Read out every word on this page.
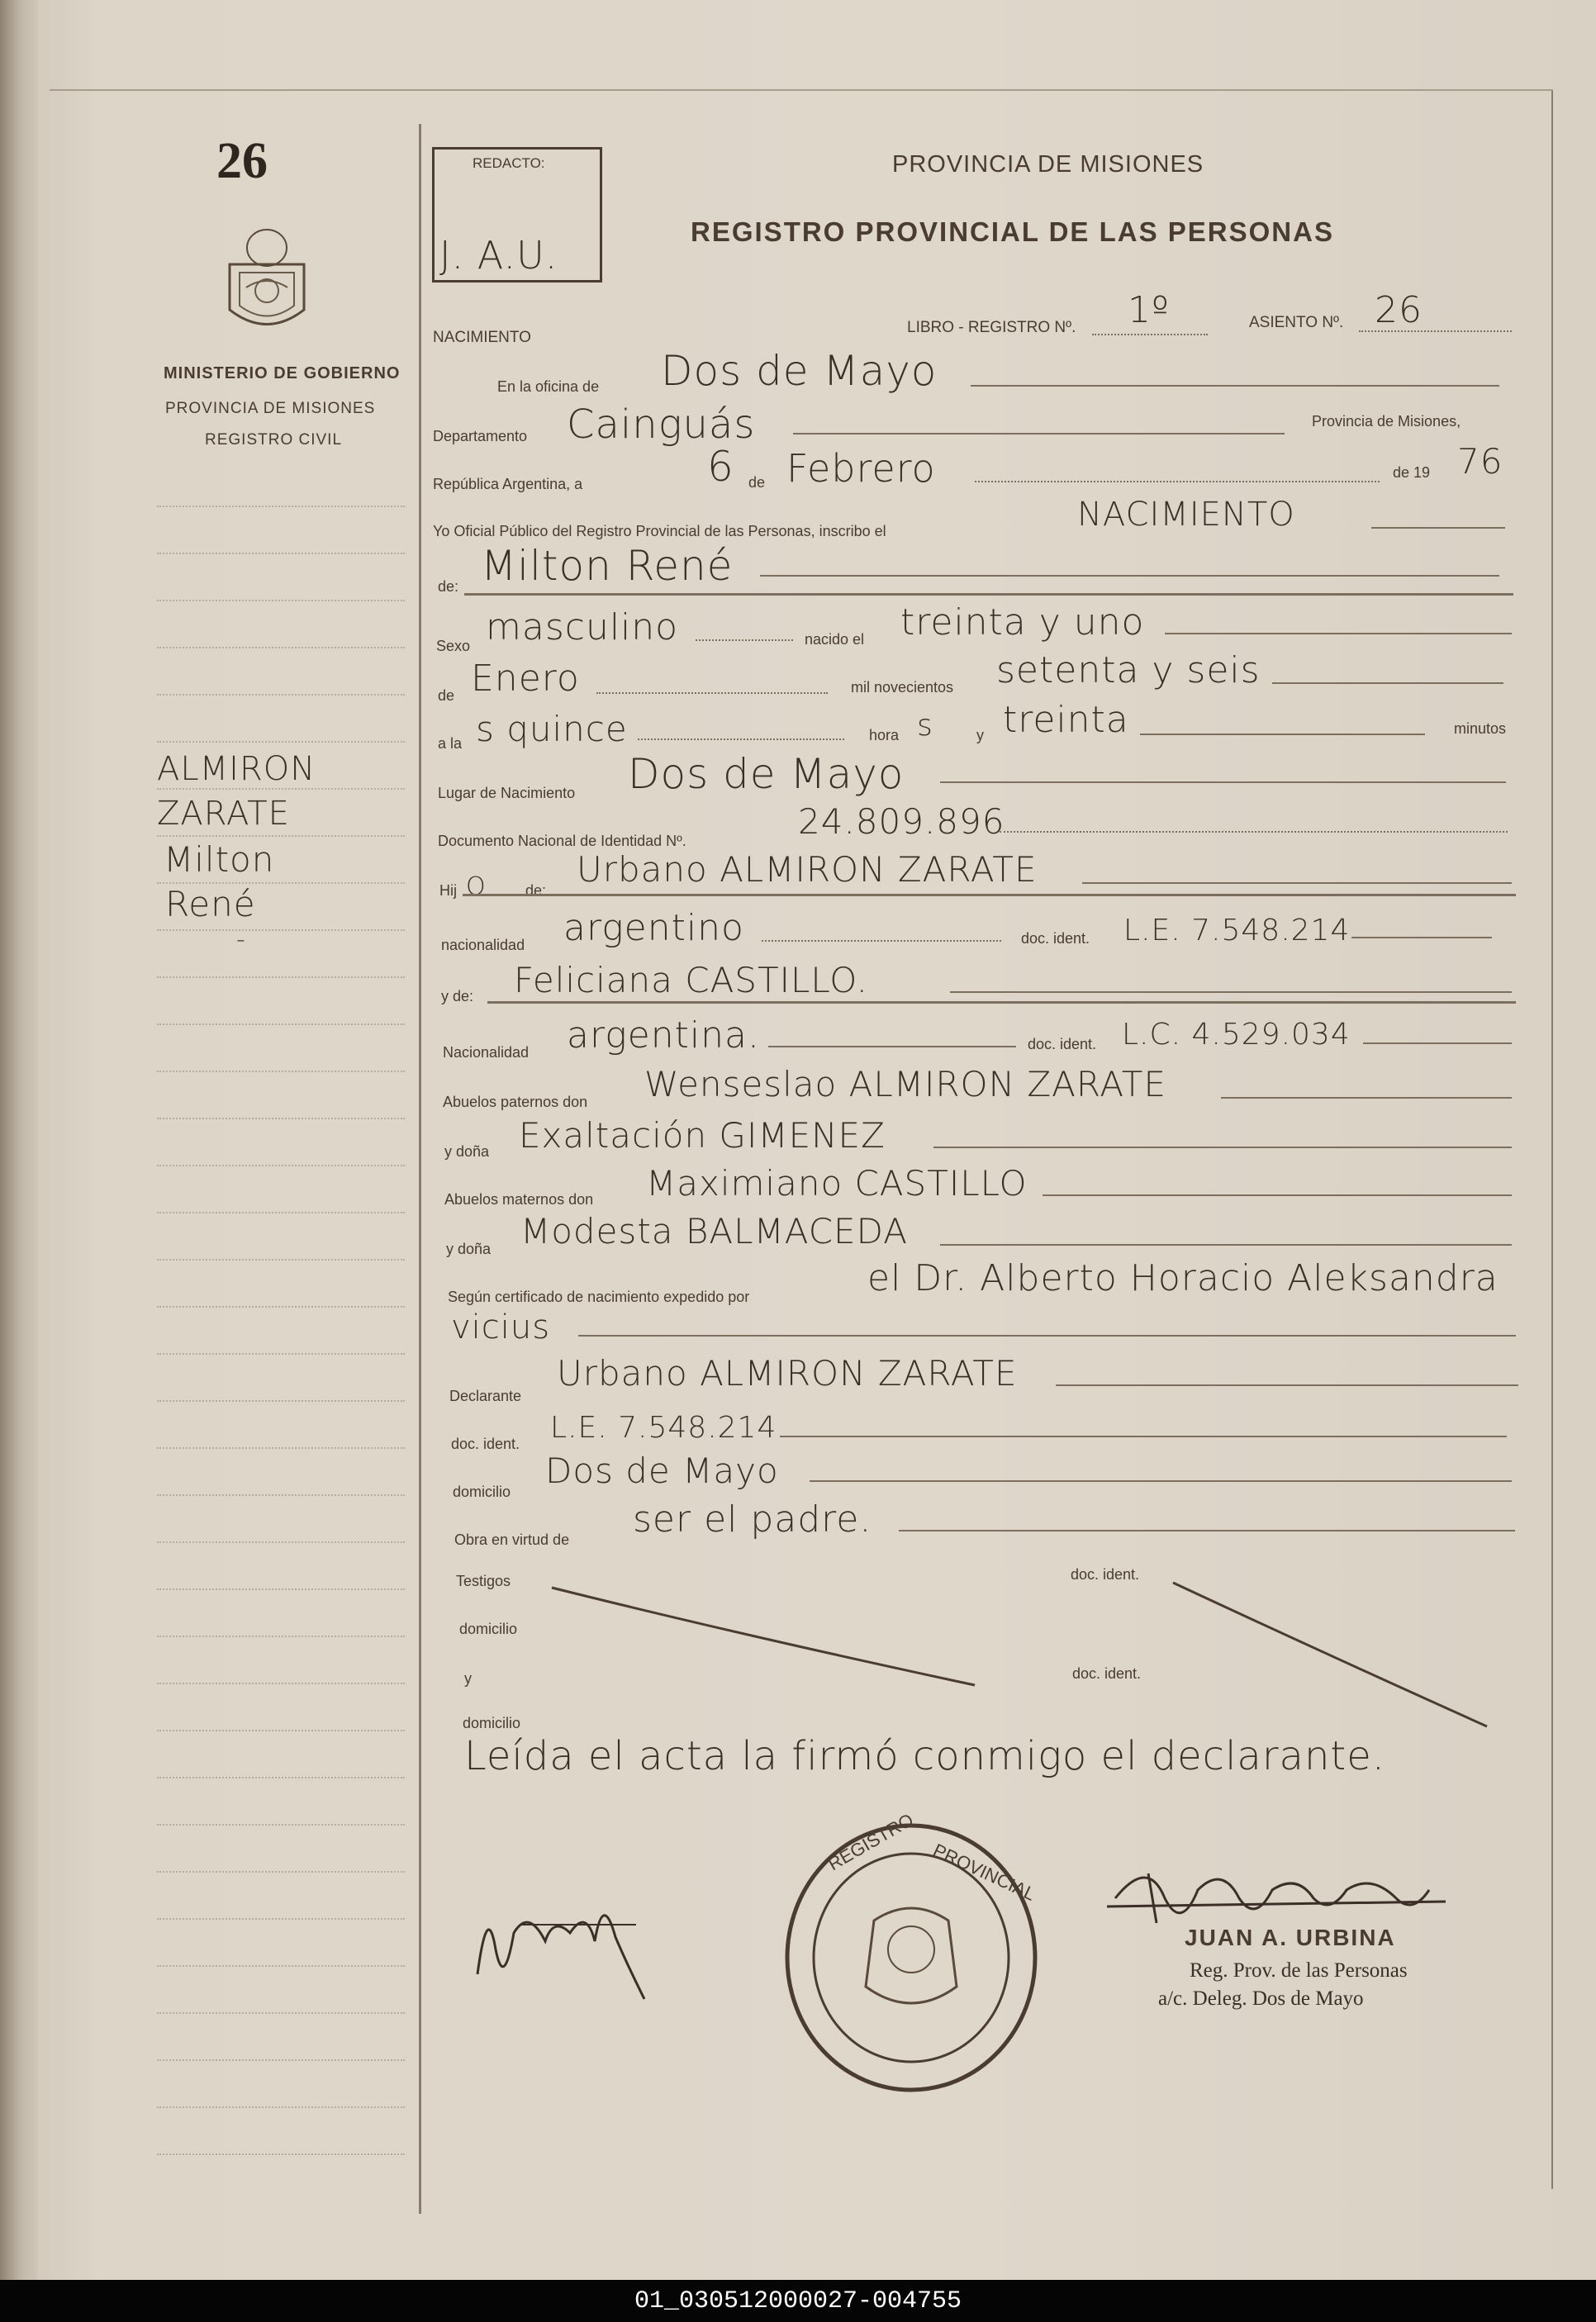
26
MINISTERIO DE GOBIERNO
PROVINCIA DE MISIONES
REGISTRO CIVIL
ALMIRON
ZARATE
Milton
René
-
REDACTO:
J. A.U.
PROVINCIA DE MISIONES
REGISTRO PROVINCIAL DE LAS PERSONAS
NACIMIENTO
LIBRO - REGISTRO Nº. 1º	ASIENTO Nº. 26
En la oficina de Dos de Mayo
Departamento Cainguás	Provincia de Misiones,
República Argentina, a	6 de Febrero	de 19 76
Yo Oficial Público del Registro Provincial de las Personas, inscribo el	NACIMIENTO
de: Milton René
Sexo masculino	nacido el treinta y uno
de Enero	mil novecientos setenta y seis
a la s quince	hora s	y treinta	minutos
Lugar de Nacimiento Dos de Mayo
Documento Nacional de Identidad Nº.	24.809.896
Hij O	de:
Urbano ALMIRON ZARATE
nacionalidad argentino	doc. ident. L.E. 7.548.214
y de: Feliciana CASTILLO.
Nacionalidad argentina.	doc. ident. L.C. 4.529.034
Abuelos paternos don Wenseslao ALMIRON ZARATE
y doña Exaltación GIMENEZ
Abuelos maternos don Maximiano CASTILLO
y doña Modesta BALMACEDA
Según certificado de nacimiento expedido por	el Dr. Alberto Horacio Aleksandra
vicius
Declarante
Urbano ALMIRON ZARATE
doc. ident. L.E. 7.548.214
domicilio
Dos de Mayo
Obra en virtud de ser el padre.
Testigos	doc. ident.
domicilio
y	doc. ident.
domicilio
Leída el acta la firmó conmigo el declarante.
REGISTRO PROVINCIAL
JUAN A. URBINA
Reg. Prov. de las Personas
a/c. Deleg. Dos de Mayo
01_030512000027-004755
